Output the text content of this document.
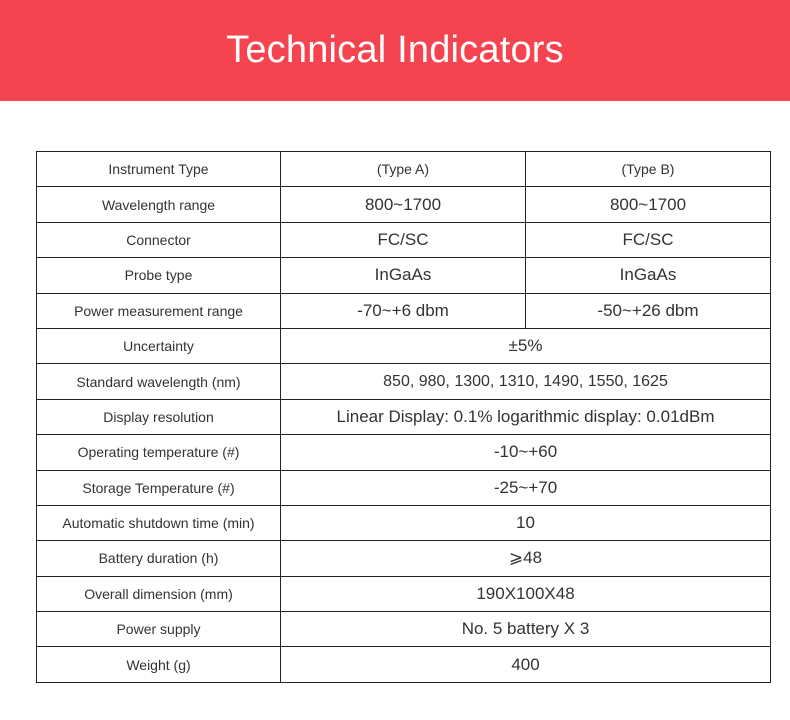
Technical Indicators
Instrument Type	(Type A)	(Type B)
Wavelength range	800~1700	800~1700
Connector	FC/SC	FC/SC
Probe type	InGaAs	InGaAs
Power measurement range	-70~+6 dbm	-50~+26 dbm
Uncertainty	±5%	
Standard wavelength (nm)	850, 980, 1300, 1310, 1490, 1550, 1625	
Display resolution	Linear Display: 0.1% logarithmic display: 0.01dBm	
Operating temperature (#)	-10~+60	
Storage Temperature (#)	-25~+70	
Automatic shutdown time (min)	10	
Battery duration (h)	⩾48	
Overall dimension (mm)	190X100X48	
Power supply	No. 5 battery X 3	
Weight (g)	400	
